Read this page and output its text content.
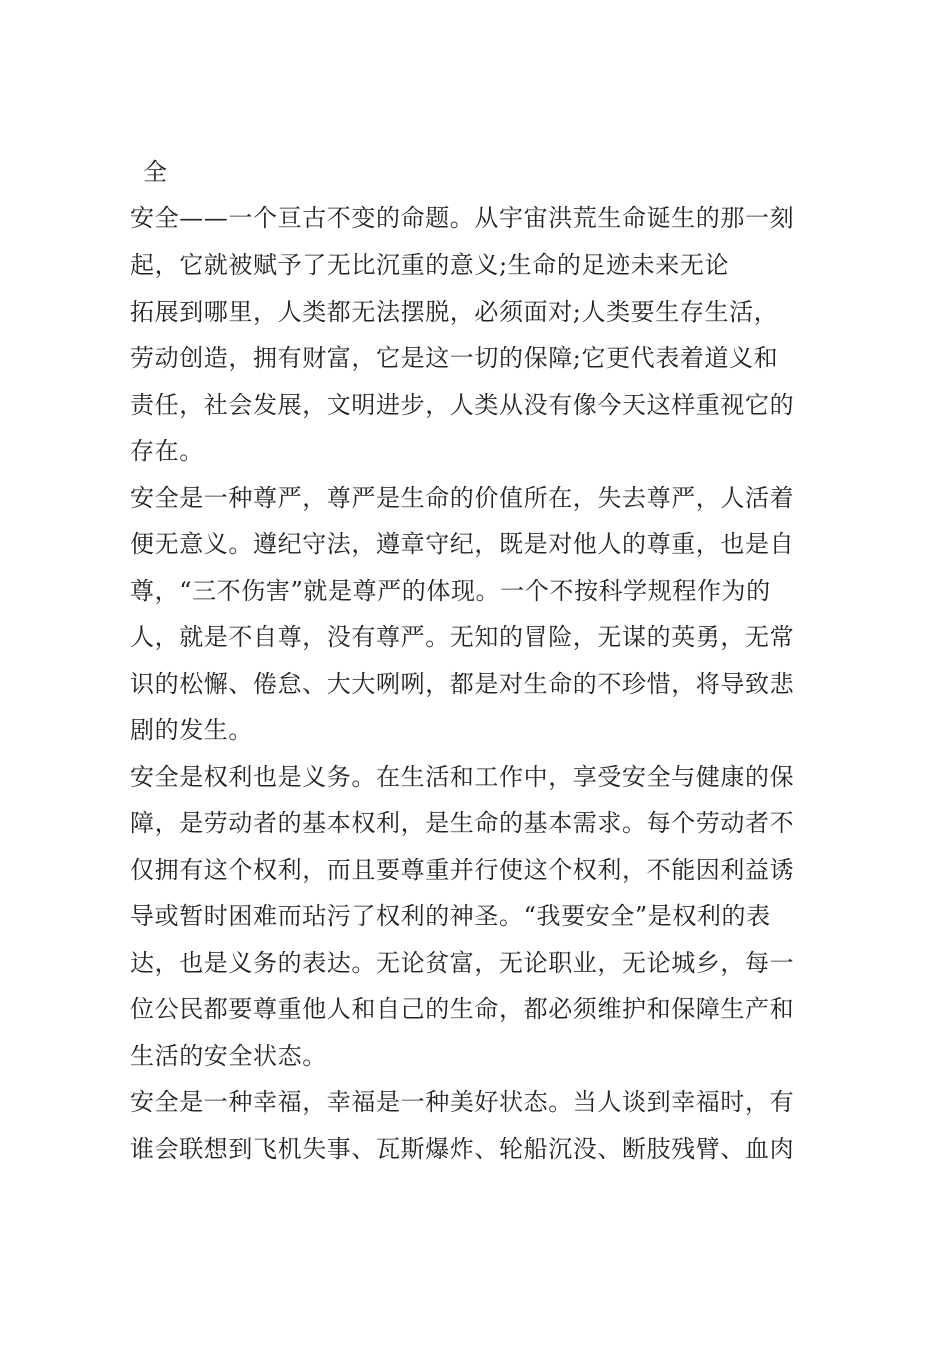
全
安全——一个亘古不变的命题。从宇宙洪荒生命诞生的那一刻
起，它就被赋予了无比沉重的意义;生命的足迹未来无论
拓展到哪里，人类都无法摆脱，必须面对;人类要生存生活，
劳动创造，拥有财富，它是这一切的保障;它更代表着道义和
责任，社会发展，文明进步，人类从没有像今天这样重视它的
存在。
安全是一种尊严，尊严是生命的价值所在，失去尊严，人活着
便无意义。遵纪守法，遵章守纪，既是对他人的尊重，也是自
尊，“三不伤害”就是尊严的体现。一个不按科学规程作为的
人，就是不自尊，没有尊严。无知的冒险，无谋的英勇，无常
识的松懈、倦怠、大大咧咧，都是对生命的不珍惜，将导致悲
剧的发生。
安全是权利也是义务。在生活和工作中，享受安全与健康的保
障，是劳动者的基本权利，是生命的基本需求。每个劳动者不
仅拥有这个权利，而且要尊重并行使这个权利，不能因利益诱
导或暂时困难而玷污了权利的神圣。“我要安全”是权利的表
达，也是义务的表达。无论贫富，无论职业，无论城乡，每一
位公民都要尊重他人和自己的生命，都必须维护和保障生产和
生活的安全状态。
安全是一种幸福，幸福是一种美好状态。当人谈到幸福时，有
谁会联想到飞机失事、瓦斯爆炸、轮船沉没、断肢残臂、血肉
